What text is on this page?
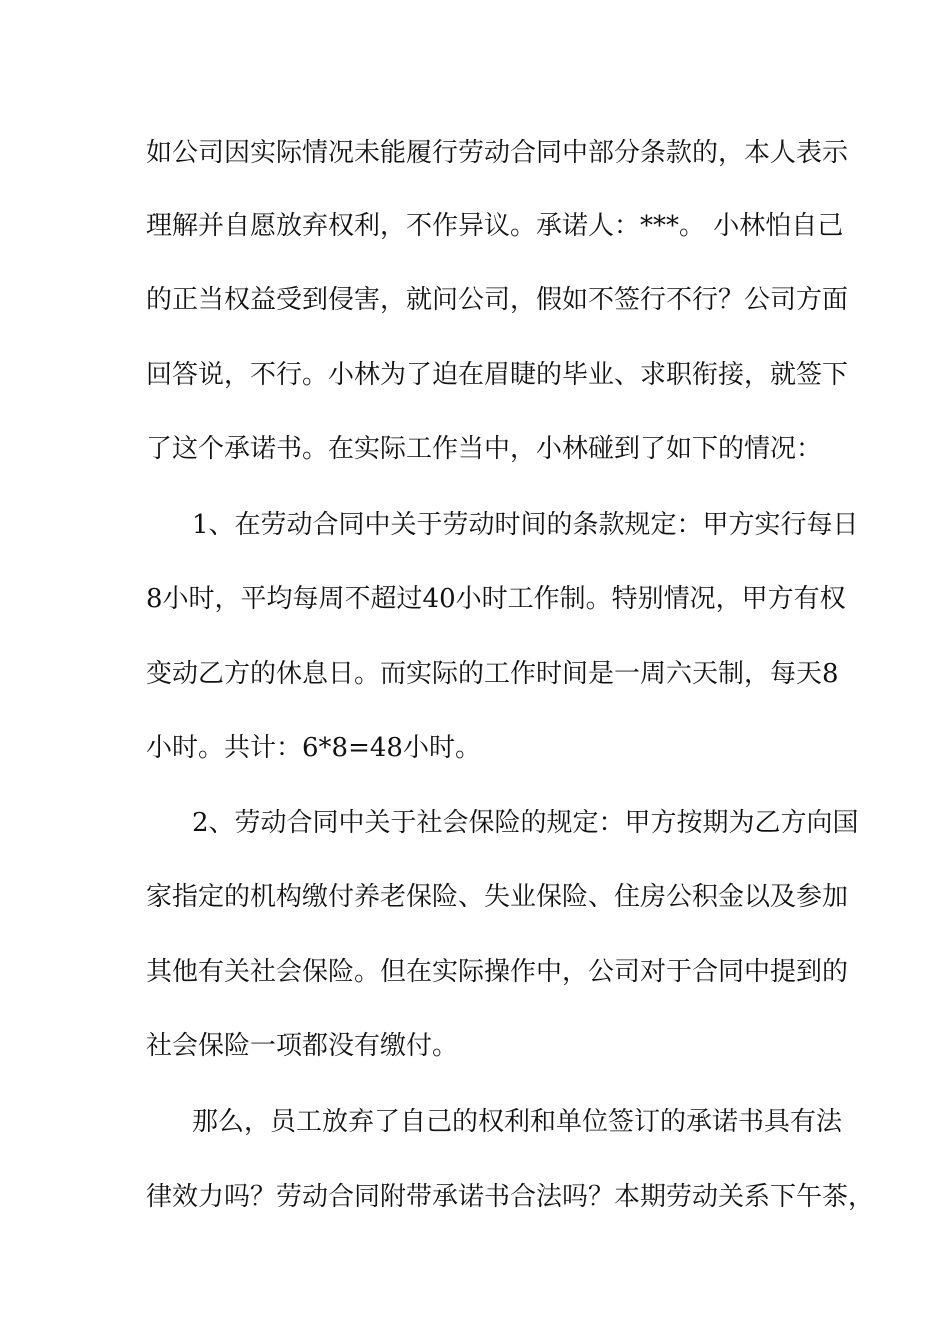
如公司因实际情况未能履行劳动合同中部分条款的，本人表示
理解并自愿放弃权利，不作异议。承诺人：***。 小林怕自己
的正当权益受到侵害，就问公司，假如不签行不行？公司方面
回答说，不行。小林为了迫在眉睫的毕业、求职衔接，就签下
了这个承诺书。在实际工作当中，小林碰到了如下的情况：
1、在劳动合同中关于劳动时间的条款规定：甲方实行每日
8小时，平均每周不超过40小时工作制。特别情况，甲方有权
变动乙方的休息日。而实际的工作时间是一周六天制，每天8
小时。共计：6*8=48小时。
2、劳动合同中关于社会保险的规定：甲方按期为乙方向国
家指定的机构缴付养老保险、失业保险、住房公积金以及参加
其他有关社会保险。但在实际操作中，公司对于合同中提到的
社会保险一项都没有缴付。
那么，员工放弃了自己的权利和单位签订的承诺书具有法
律效力吗？劳动合同附带承诺书合法吗？本期劳动关系下午茶，
